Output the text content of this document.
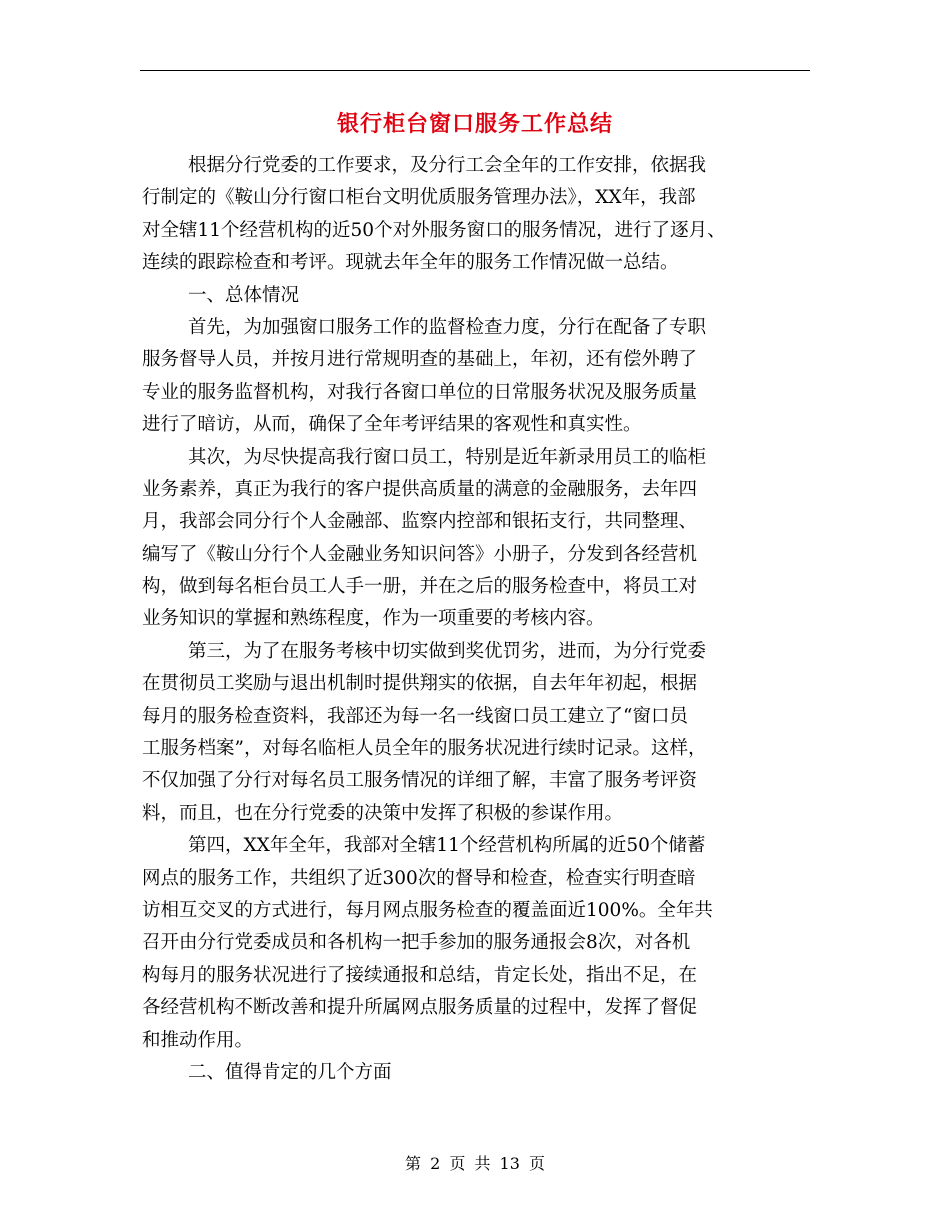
银行柜台窗口服务工作总结
根据分行党委的工作要求，及分行工会全年的工作安排，依据我
行制定的《鞍山分行窗口柜台文明优质服务管理办法》，XX年，我部
对全辖11个经营机构的近50个对外服务窗口的服务情况，进行了逐月、
连续的跟踪检查和考评。现就去年全年的服务工作情况做一总结。
一、总体情况
首先，为加强窗口服务工作的监督检查力度，分行在配备了专职
服务督导人员，并按月进行常规明查的基础上，年初，还有偿外聘了
专业的服务监督机构，对我行各窗口单位的日常服务状况及服务质量
进行了暗访，从而，确保了全年考评结果的客观性和真实性。
其次，为尽快提高我行窗口员工，特别是近年新录用员工的临柜
业务素养，真正为我行的客户提供高质量的满意的金融服务，去年四
月，我部会同分行个人金融部、监察内控部和银拓支行，共同整理、
编写了《鞍山分行个人金融业务知识问答》小册子，分发到各经营机
构，做到每名柜台员工人手一册，并在之后的服务检查中，将员工对
业务知识的掌握和熟练程度，作为一项重要的考核内容。
第三，为了在服务考核中切实做到奖优罚劣，进而，为分行党委
在贯彻员工奖励与退出机制时提供翔实的依据，自去年年初起，根据
每月的服务检查资料，我部还为每一名一线窗口员工建立了“窗口员
工服务档案”，对每名临柜人员全年的服务状况进行续时记录。这样，
不仅加强了分行对每名员工服务情况的详细了解，丰富了服务考评资
料，而且，也在分行党委的决策中发挥了积极的参谋作用。
第四，XX年全年，我部对全辖11个经营机构所属的近50个储蓄
网点的服务工作，共组织了近300次的督导和检查，检查实行明查暗
访相互交叉的方式进行，每月网点服务检查的覆盖面近100%。全年共
召开由分行党委成员和各机构一把手参加的服务通报会8次，对各机
构每月的服务状况进行了接续通报和总结，肯定长处，指出不足，在
各经营机构不断改善和提升所属网点服务质量的过程中，发挥了督促
和推动作用。
二、值得肯定的几个方面
第 2 页 共 13 页
